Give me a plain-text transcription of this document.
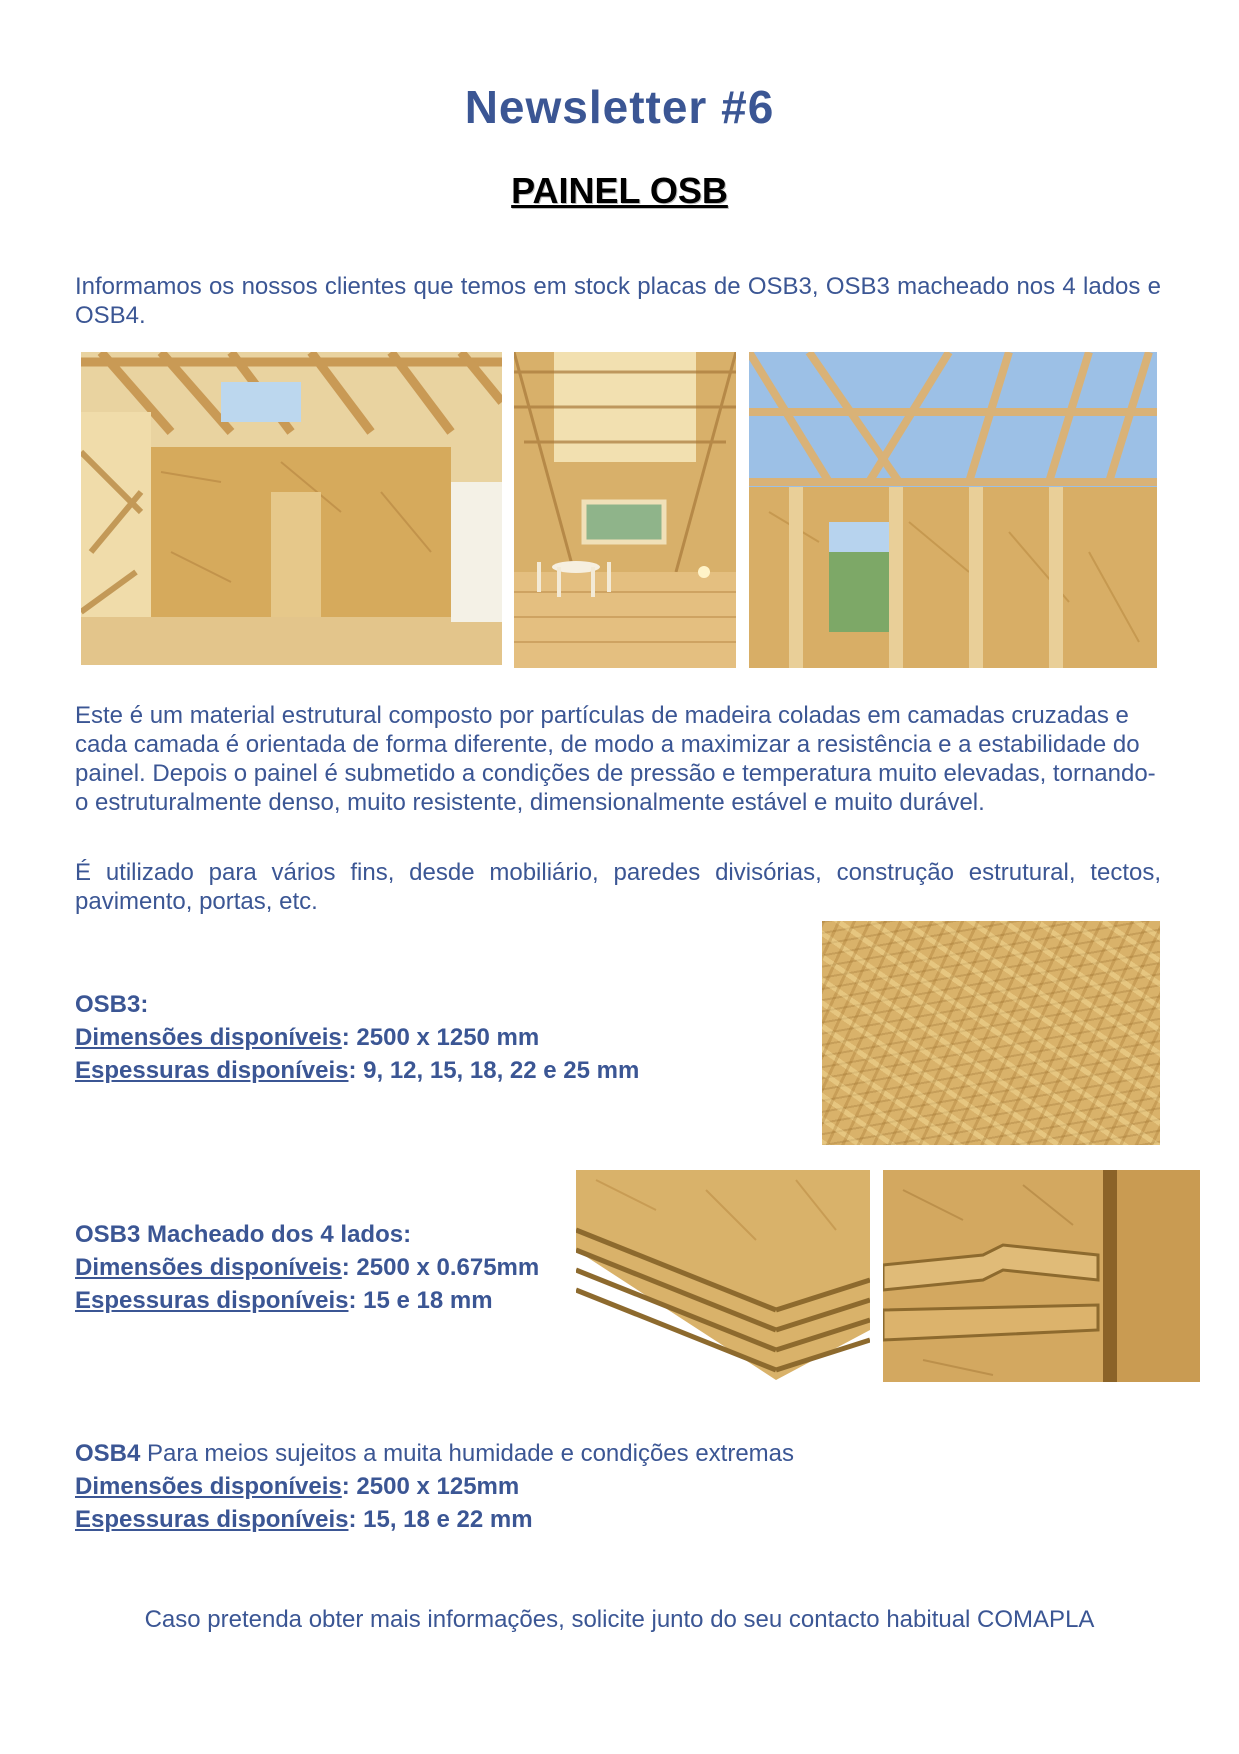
Newsletter #6
PAINEL OSB
Informamos os nossos clientes que temos em stock placas de OSB3, OSB3 macheado nos 4 lados e OSB4.
Este é um material estrutural composto por partículas de madeira coladas em camadas cruzadas e cada camada é orientada de forma diferente, de modo a maximizar a resistência e a estabilidade do painel. Depois o painel é submetido a condições de pressão e temperatura muito elevadas, tornando-o estruturalmente denso, muito resistente, dimensionalmente estável e muito durável.
É utilizado para vários fins, desde mobiliário, paredes divisórias, construção estrutural, tectos, pavimento, portas, etc.
OSB3:
Dimensões disponíveis: 2500 x 1250 mm
Espessuras disponíveis: 9, 12, 15, 18, 22 e 25 mm
OSB3 Macheado dos 4 lados:
Dimensões disponíveis: 2500 x 0.675mm
Espessuras disponíveis: 15 e 18 mm
OSB4 Para meios sujeitos a muita humidade e condições extremas
Dimensões disponíveis: 2500 x 125mm
Espessuras disponíveis: 15, 18 e 22 mm
Caso pretenda obter mais informações, solicite junto do seu contacto habitual COMAPLA
